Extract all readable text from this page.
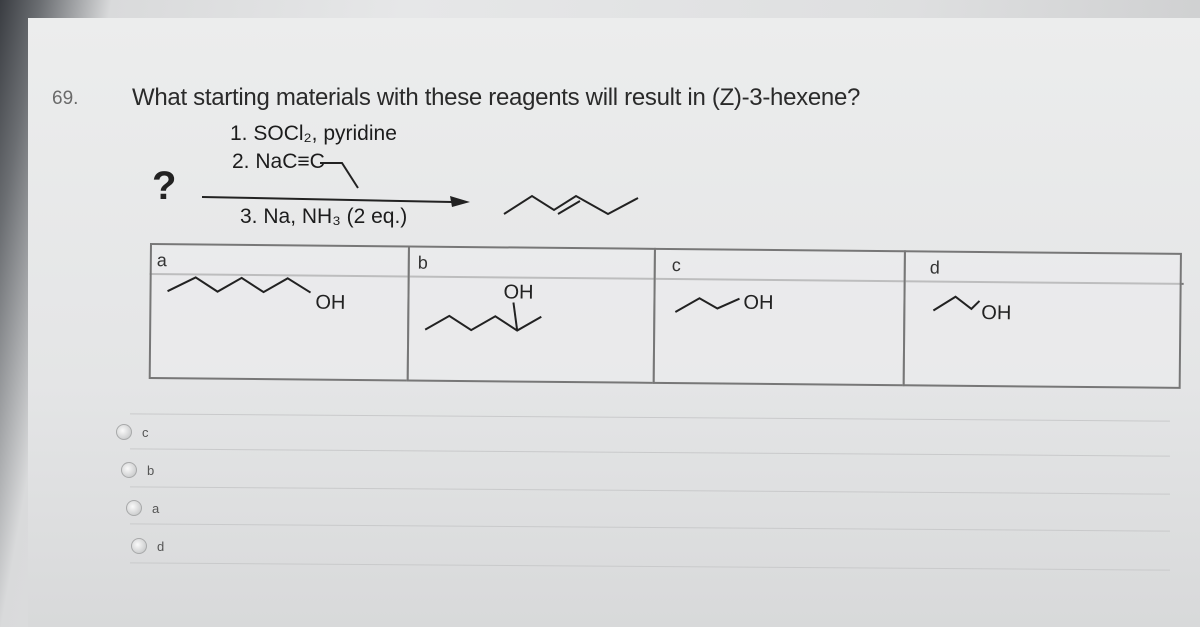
69. What starting materials with these reagents will result in (Z)-3-hexene?
1. SOCl₂, pyridine
2. NaC≡C
?
3. Na, NH₃ (2 eq.)
a
OH
b
OH
c
OH
d
OH
c
b
a
d
